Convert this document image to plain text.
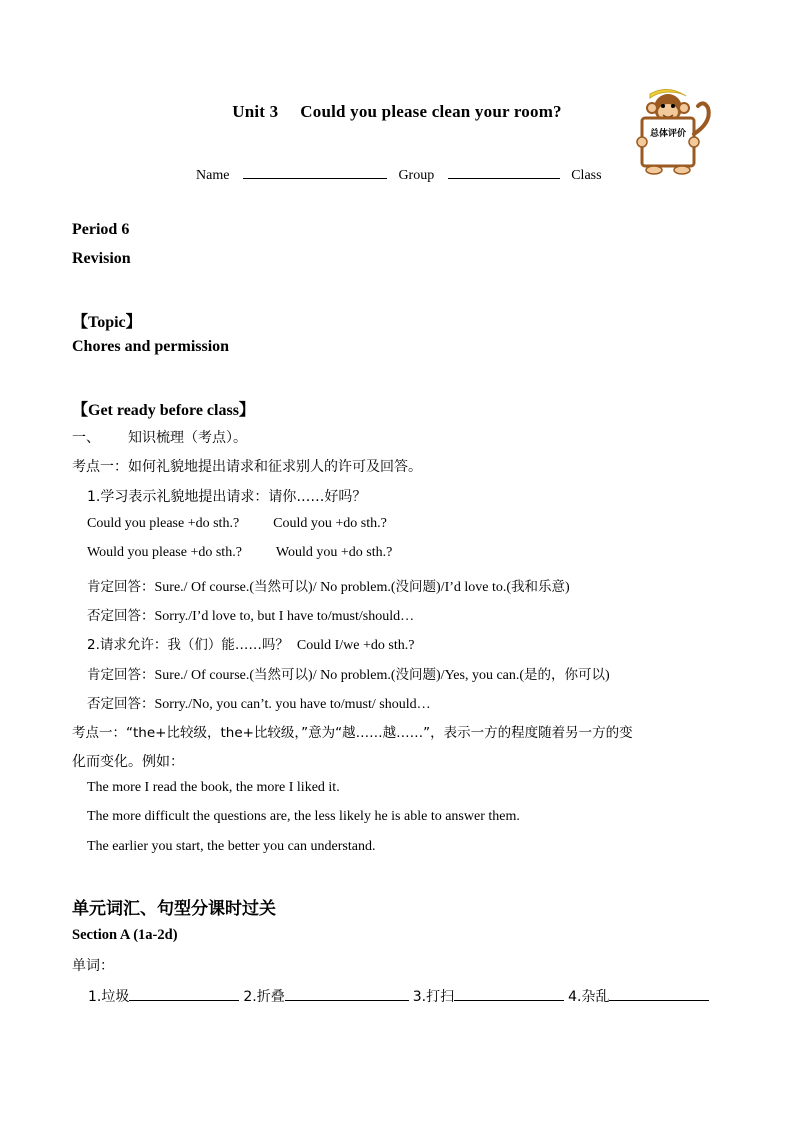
Unit 3 Could you please clean your room?
总体评价
Name	Group	Class
Period 6
Revision
【Topic】
Chores and permission
【Get ready before class】
一、 知识梳理（考点）。
考点一：如何礼貌地提出请求和征求别人的许可及回答。
1.学习表示礼貌地提出请求：请你……好吗？
Could you please +do sth.? Could you +do sth.?
Would you please +do sth.? Would you +do sth.?
肯定回答：Sure./ Of course.(当然可以)/ No problem.(没问题)/I’d love to.(我和乐意)
否定回答：Sorry./I’d love to, but I have to/must/should…
2.请求允许：我（们）能……吗？ Could I/we +do sth.?
肯定回答：Sure./ Of course.(当然可以)/ No problem.(没问题)/Yes, you can.(是的，你可以)
否定回答：Sorry./No, you can’t. you have to/must/ should…
考点一：“the+比较级，the+比较级，”意为“越……越……”，表示一方的程度随着另一方的变
化而变化。例如：
The more I read the book, the more I liked it.
The more difficult the questions are, the less likely he is able to answer them.
The earlier you start, the better you can understand.
单元词汇、句型分课时过关
Section A (1a-2d)
单词：
1.垃圾	2.折叠	3.打扫	4.杂乱
